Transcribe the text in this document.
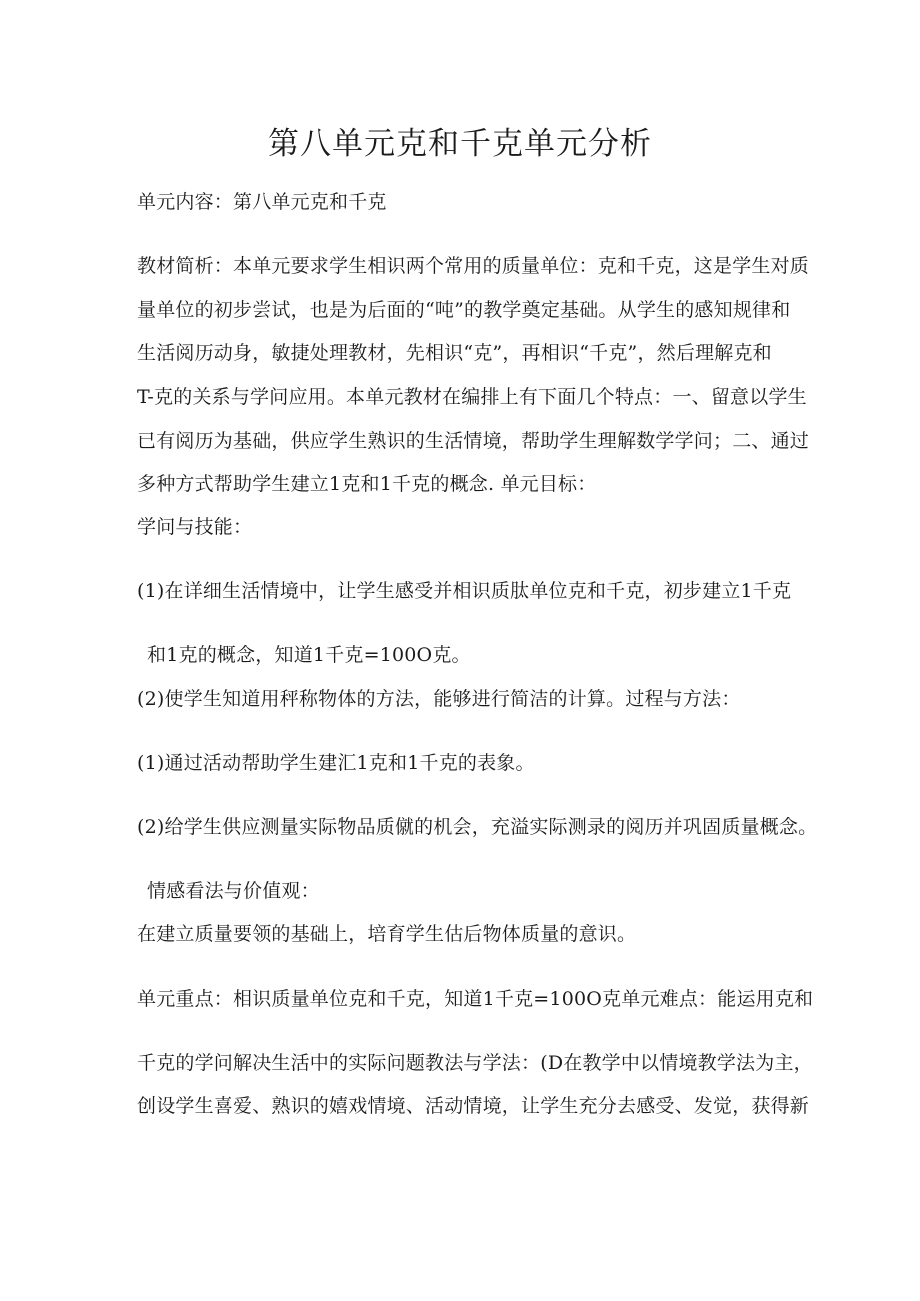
第八单元克和千克单元分析
单元内容：第八单元克和千克
教材简析：本单元要求学生相识两个常用的质量单位：克和千克，这是学生对质
量单位的初步尝试，也是为后面的“吨”的教学奠定基础。从学生的感知规律和
生活阅历动身，敏捷处理教材，先相识“克”，再相识“千克”，然后理解克和
T-克的关系与学问应用。本单元教材在编排上有下面几个特点：一、留意以学生
已有阅历为基础，供应学生熟识的生活情境，帮助学生理解数学学问；二、通过
多种方式帮助学生建立1克和1千克的概念. 单元目标：
学问与技能：
(1)在详细生活情境中，让学生感受并相识质肽单位克和千克，初步建立1千克
和1克的概念，知道1千克=100O克。
(2)使学生知道用秤称物体的方法，能够进行简洁的计算。过程与方法：
(1)通过活动帮助学生建汇1克和1千克的表象。
(2)给学生供应测量实际物品质僦的机会，充溢实际测录的阅历并巩固质量概念。
情感看法与价值观：
在建立质量要领的基础上，培育学生估后物体质量的意识。
单元重点：相识质量单位克和千克，知道1千克=100O克单元难点：能运用克和
千克的学问解决生活中的实际问题教法与学法：(D在教学中以情境教学法为主，
创设学生喜爱、熟识的嬉戏情境、活动情境，让学生充分去感受、发觉，获得新
